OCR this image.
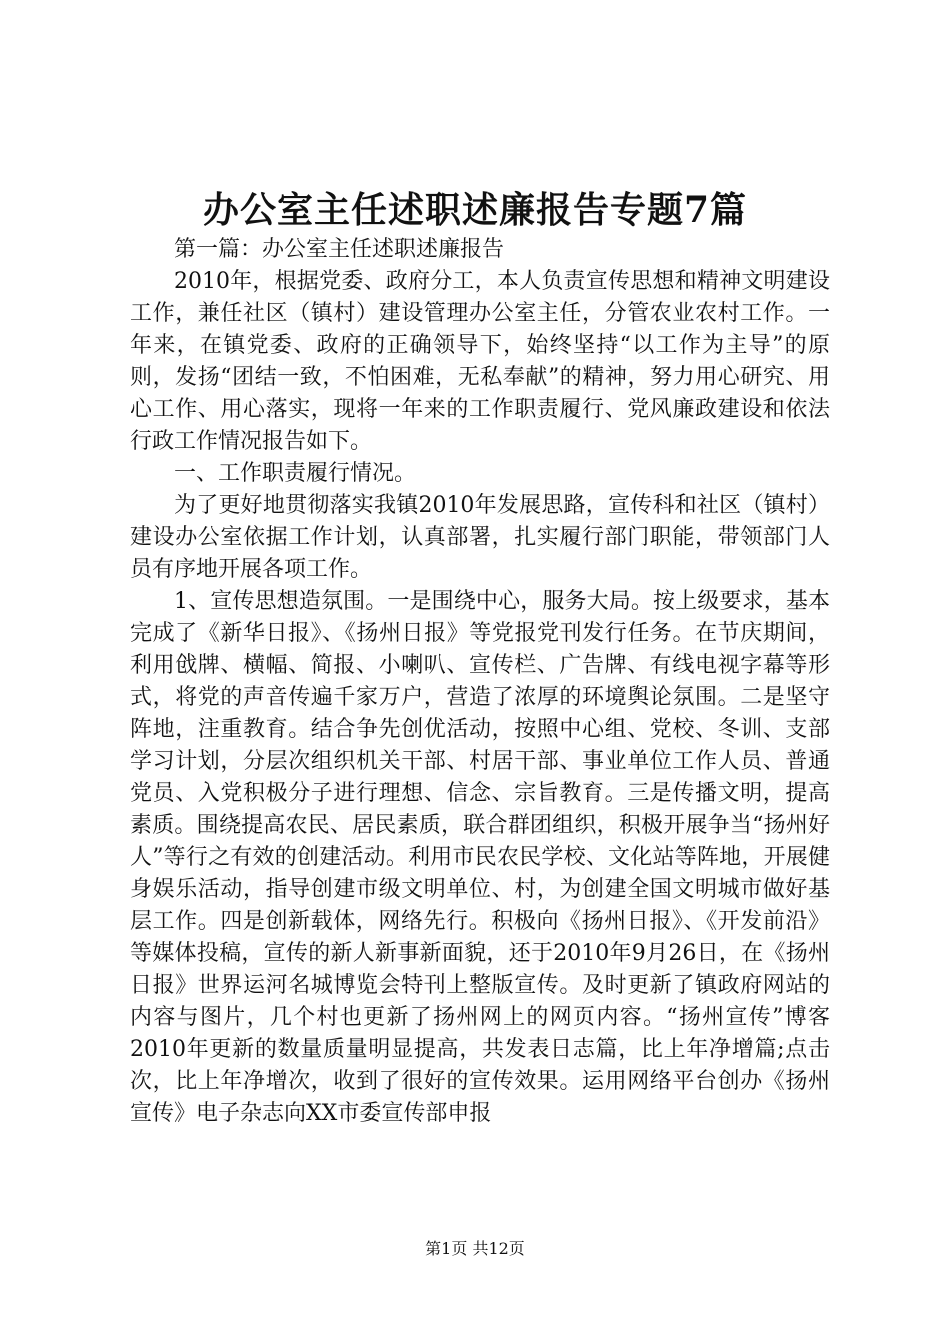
办公室主任述职述廉报告专题7篇

第一篇：办公室主任述职述廉报告

2010年，根据党委、政府分工，本人负责宣传思想和精神文明建设工作，兼任社区（镇村）建设管理办公室主任，分管农业农村工作。一年来，在镇党委、政府的正确领导下，始终坚持“以工作为主导”的原则，发扬“团结一致，不怕困难，无私奉献”的精神，努力用心研究、用心工作、用心落实，现将一年来的工作职责履行、党风廉政建设和依法行政工作情况报告如下。

一、工作职责履行情况。

为了更好地贯彻落实我镇2010年发展思路，宣传科和社区（镇村）建设办公室依据工作计划，认真部署，扎实履行部门职能，带领部门人员有序地开展各项工作。

1、宣传思想造氛围。一是围绕中心，服务大局。按上级要求，基本完成了《新华日报》、《扬州日报》等党报党刊发行任务。在节庆期间，利用戗牌、横幅、简报、小喇叭、宣传栏、广告牌、有线电视字幕等形式，将党的声音传遍千家万户，营造了浓厚的环境舆论氛围。二是坚守阵地，注重教育。结合争先创优活动，按照中心组、党校、冬训、支部学习计划，分层次组织机关干部、村居干部、事业单位工作人员、普通党员、入党积极分子进行理想、信念、宗旨教育。三是传播文明，提高素质。围绕提高农民、居民素质，联合群团组织，积极开展争当“扬州好人”等行之有效的创建活动。利用市民农民学校、文化站等阵地，开展健身娱乐活动，指导创建市级文明单位、村，为创建全国文明城市做好基层工作。四是创新载体，网络先行。积极向《扬州日报》、《开发前沿》等媒体投稿，宣传的新人新事新面貌，还于2010年9月26日，在《扬州日报》世界运河名城博览会特刊上整版宣传。及时更新了镇政府网站的内容与图片，几个村也更新了扬州网上的网页内容。“扬州宣传”博客2010年更新的数量质量明显提高，共发表日志篇，比上年净增篇;点击次，比上年净增次，收到了很好的宣传效果。运用网络平台创办《扬州宣传》电子杂志向XX市委宣传部申报

第1页 共12页
